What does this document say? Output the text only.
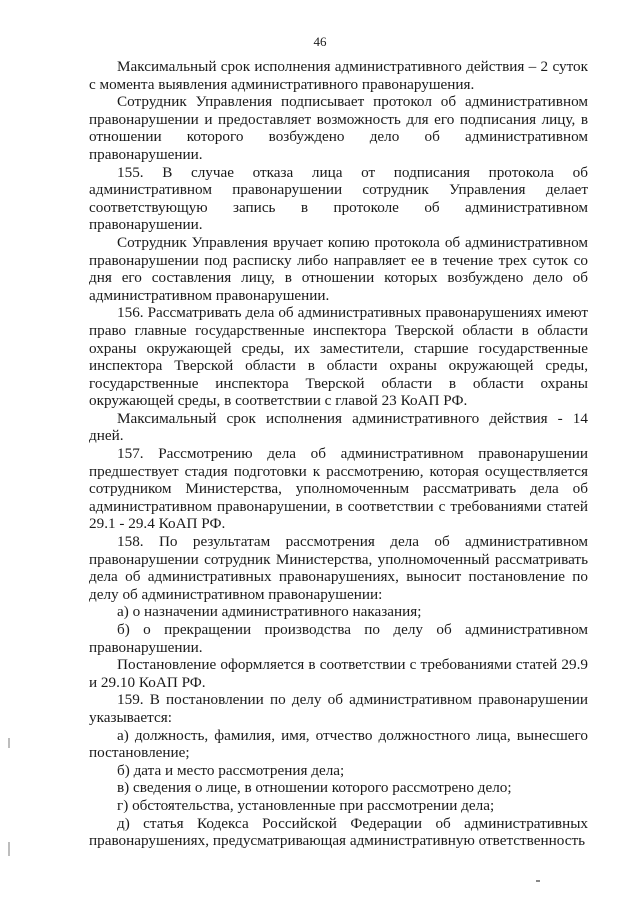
46

Максимальный срок исполнения административного действия – 2 суток с момента выявления административного правонарушения.

Сотрудник Управления подписывает протокол об административном правонарушении и предоставляет возможность для его подписания лицу, в отношении которого возбуждено дело об административном правонарушении.

155. В случае отказа лица от подписания протокола об административном правонарушении сотрудник Управления делает соответствующую запись в протоколе об административном правонарушении.

Сотрудник Управления вручает копию протокола об административном правонарушении под расписку либо направляет ее в течение трех суток со дня его составления лицу, в отношении которых возбуждено дело об административном правонарушении.

156. Рассматривать дела об административных правонарушениях имеют право главные государственные инспектора Тверской области в области охраны окружающей среды, их заместители, старшие государственные инспектора Тверской области в области охраны окружающей среды, государственные инспектора Тверской области в области охраны окружающей среды, в соответствии с главой 23 КоАП РФ.

Максимальный срок исполнения административного действия - 14 дней.

157. Рассмотрению дела об административном правонарушении предшествует стадия подготовки к рассмотрению, которая осуществляется сотрудником Министерства, уполномоченным рассматривать дела об административном правонарушении, в соответствии с требованиями статей 29.1 - 29.4 КоАП РФ.

158. По результатам рассмотрения дела об административном правонарушении сотрудник Министерства, уполномоченный рассматривать дела об административных правонарушениях, выносит постановление по делу об административном правонарушении:

а) о назначении административного наказания;

б) о прекращении производства по делу об административном правонарушении.

Постановление оформляется в соответствии с требованиями статей 29.9 и 29.10 КоАП РФ.

159. В постановлении по делу об административном правонарушении указывается:

а) должность, фамилия, имя, отчество должностного лица, вынесшего постановление;

б) дата и место рассмотрения дела;

в) сведения о лице, в отношении которого рассмотрено дело;

г) обстоятельства, установленные при рассмотрении дела;

д) статья Кодекса Российской Федерации об административных правонарушениях, предусматривающая административную ответственность
